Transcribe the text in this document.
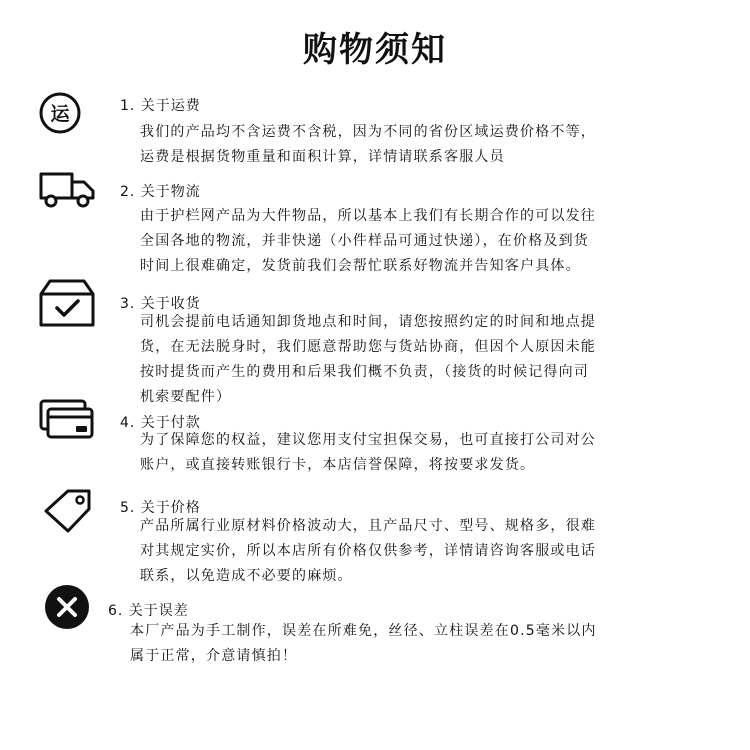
购物须知
运	1. 关于运费

我们的产品均不含运费不含税，因为不同的省份区域运费价格不等，
运费是根据货物重量和面积计算，详情请联系客服人员

2. 关于物流

由于护栏网产品为大件物品，所以基本上我们有长期合作的可以发往
全国各地的物流，并非快递（小件样品可通过快递），在价格及到货
时间上很难确定，发货前我们会帮忙联系好物流并告知客户具体。

3. 关于收货

司机会提前电话通知卸货地点和时间，请您按照约定的时间和地点提
货，在无法脱身时，我们愿意帮助您与货站协商，但因个人原因未能
按时提货而产生的费用和后果我们概不负责，（接货的时候记得向司
机索要配件）

4. 关于付款

为了保障您的权益，建议您用支付宝担保交易，也可直接打公司对公
账户，或直接转账银行卡，本店信誉保障，将按要求发货。

5. 关于价格

产品所属行业原材料价格波动大，且产品尺寸、型号、规格多，很难
对其规定实价，所以本店所有价格仅供参考，详情请咨询客服或电话
联系，以免造成不必要的麻烦。

6. 关于误差

本厂产品为手工制作，误差在所难免，丝径、立柱误差在0.5毫米以内
属于正常，介意请慎拍！
